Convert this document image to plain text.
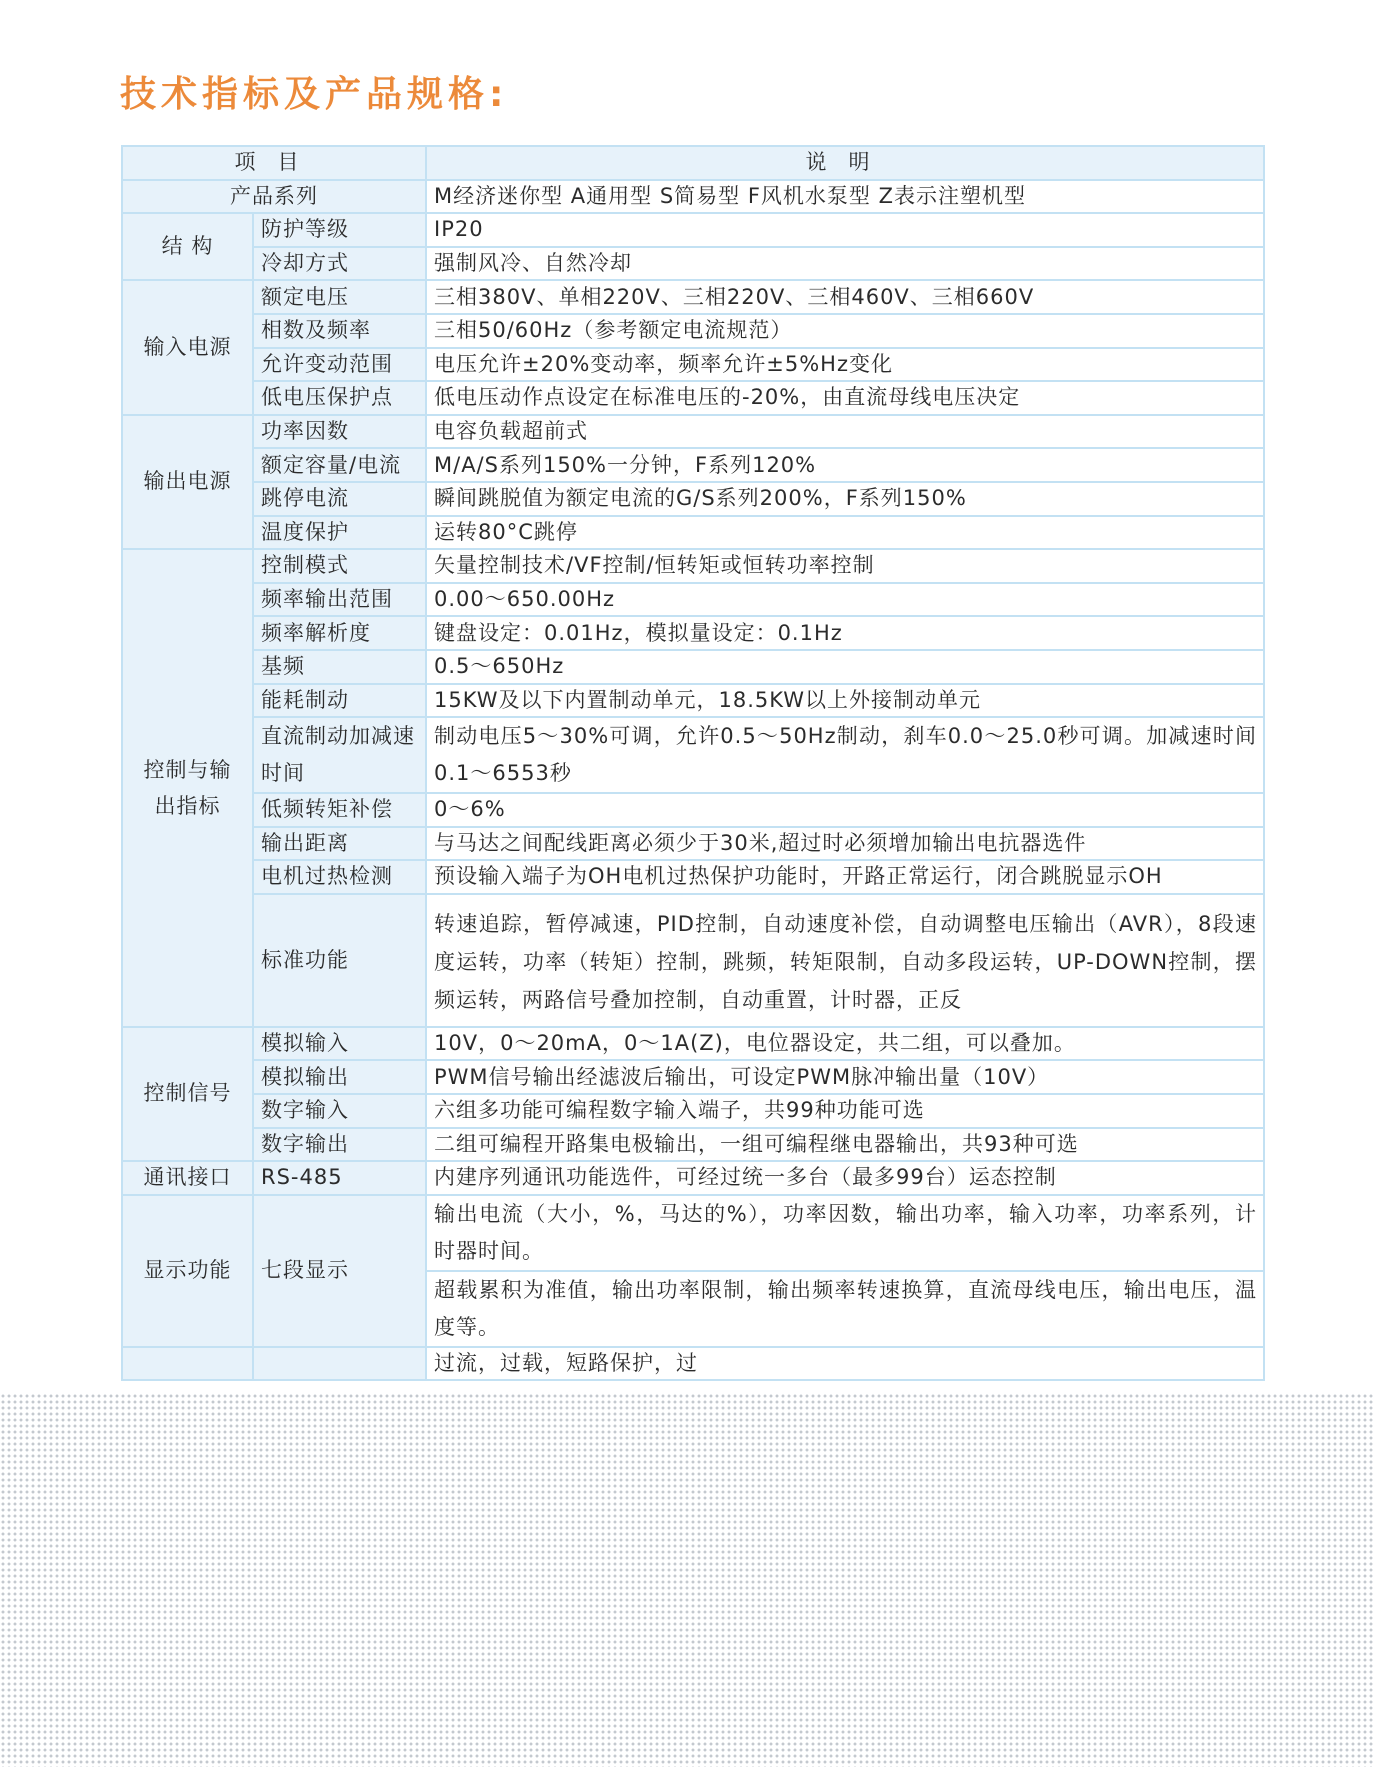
技术指标及产品规格:
项目		说明
产品系列		M经济迷你型 A通用型 S简易型 F风机水泵型 Z表示注塑机型
结 构	防护等级	IP20
	冷却方式	强制风冷、自然冷却
输入电源	额定电压	三相380V、单相220V、三相220V、三相460V、三相660V
	相数及频率	三相50/60Hz（参考额定电流规范）
	允许变动范围	电压允许±20%变动率，频率允许±5%Hz变化
	低电压保护点	低电压动作点设定在标准电压的-20%，由直流母线电压决定
输出电源	功率因数	电容负载超前式
	额定容量/电流	M/A/S系列150%一分钟，F系列120%
	跳停电流	瞬间跳脱值为额定电流的G/S系列200%，F系列150%
	温度保护	运转80°C跳停
控制与输出指标	控制模式	矢量控制技术/VF控制/恒转矩或恒转功率控制
	频率输出范围	0.00～650.00Hz
	频率解析度	键盘设定：0.01Hz，模拟量设定：0.1Hz
	基频	0.5～650Hz
	能耗制动	15KW及以下内置制动单元，18.5KW以上外接制动单元
	直流制动加减速时间	制动电压5～30%可调，允许0.5～50Hz制动，刹车0.0～25.0秒可调。加减速时间0.1～6553秒
	低频转矩补偿	0～6%
	输出距离	与马达之间配线距离必须少于30米,超过时必须增加输出电抗器选件
	电机过热检测	预设输入端子为OH电机过热保护功能时，开路正常运行，闭合跳脱显示OH
	标准功能	转速追踪，暂停减速，PID控制，自动速度补偿，自动调整电压输出（AVR），8段速度运转，功率（转矩）控制，跳频，转矩限制，自动多段运转，UP-DOWN控制，摆频运转，两路信号叠加控制，自动重置，计时器，正反
控制信号	模拟输入	10V，0～20mA，0～1A(Z)，电位器设定，共二组，可以叠加。
	模拟输出	PWM信号输出经滤波后输出，可设定PWM脉冲输出量（10V）
	数字输入	六组多功能可编程数字输入端子，共99种功能可选
	数字输出	二组可编程开路集电极输出，一组可编程继电器输出，共93种可选
通讯接口	RS-485	内建序列通讯功能选件，可经过统一多台（最多99台）运态控制
显示功能	七段显示	输出电流（大小，%，马达的%），功率因数，输出功率，输入功率，功率系列，计时器时间。
		超载累积为准值，输出功率限制，输出频率转速换算，直流母线电压，输出电压，温度等。
		过流，过载，短路保护，过
